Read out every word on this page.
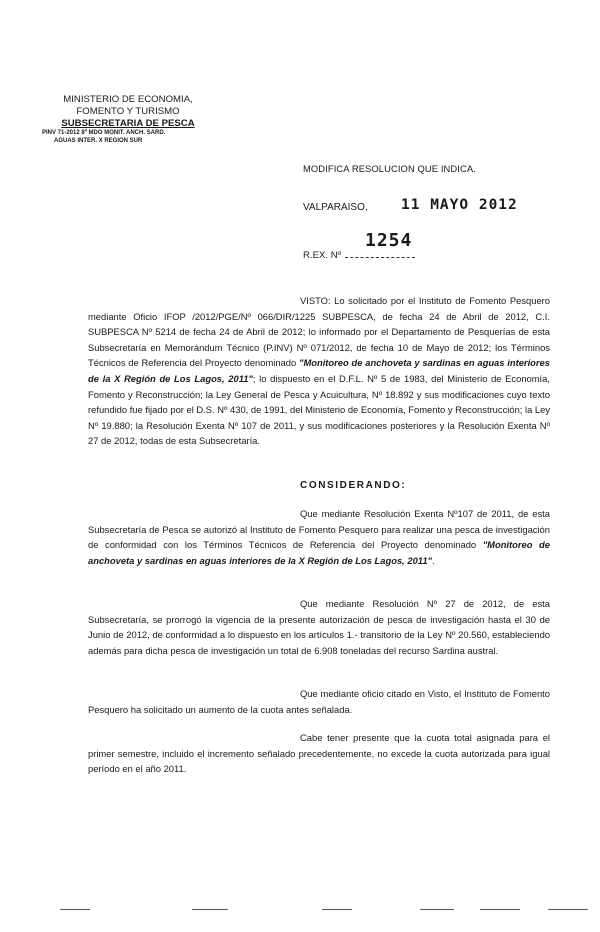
MINISTERIO DE ECONOMIA,
FOMENTO Y TURISMO
SUBSECRETARIA DE PESCA
PINV 71-2012 8º MDO MONIT. ANCH. SARD.
AGUAS INTER. X REGION SUR
MODIFICA RESOLUCION QUE INDICA.
VALPARAISO, 11 MAYO 2012
1254
R.EX. Nº

VISTO: Lo solicitado por el Instituto de Fomento Pesquero mediante Oficio IFOP /2012/PGE/Nº 066/DIR/1225 SUBPESCA, de fecha 24 de Abril de 2012, C.I. SUBPESCA Nº 5214 de fecha 24 de Abril de 2012; lo informado por el Departamento de Pesquerías de esta Subsecretaría en Memorándum Técnico (P.INV) Nº 071/2012, de fecha 10 de Mayo de 2012; los Términos Técnicos de Referencia del Proyecto denominado "Monitoreo de anchoveta y sardinas en aguas interiores de la X Región de Los Lagos, 2011"; lo dispuesto en el D.F.L. Nº 5 de 1983, del Ministerio de Economía, Fomento y Reconstrucción; la Ley General de Pesca y Acuicultura, Nº 18.892 y sus modificaciones cuyo texto refundido fue fijado por el D.S. Nº 430, de 1991, del Ministerio de Economía, Fomento y Reconstrucción; la Ley Nº 19.880; la Resolución Exenta Nº 107 de 2011, y sus modificaciones posteriores y la Resolución Exenta Nº 27 de 2012, todas de esta Subsecretaría.

CONSIDERANDO:

Que mediante Resolución Exenta Nº107 de 2011, de esta Subsecretaría de Pesca se autorizó al Instituto de Fomento Pesquero para realizar una pesca de investigación de conformidad con los Términos Técnicos de Referencia del Proyecto denominado "Monitoreo de anchoveta y sardinas en aguas interiores de la X Región de Los Lagos, 2011".

Que mediante Resolución Nº 27 de 2012, de esta Subsecretaría, se prorrogó la vigencia de la presente autorización de pesca de investigación hasta el 30 de Junio de 2012, de conformidad a lo dispuesto en los artículos 1.- transitorio de la Ley Nº 20.560, estableciendo además para dicha pesca de investigación un total de 6.908 toneladas del recurso Sardina austral.

Que mediante oficio citado en Visto, el Instituto de Fomento Pesquero ha solicitado un aumento de la cuota antes señalada.

Cabe tener presente que la cuota total asignada para el primer semestre, incluido el incremento señalado precedentemente, no excede la cuota autorizada para igual período en el año 2011.
